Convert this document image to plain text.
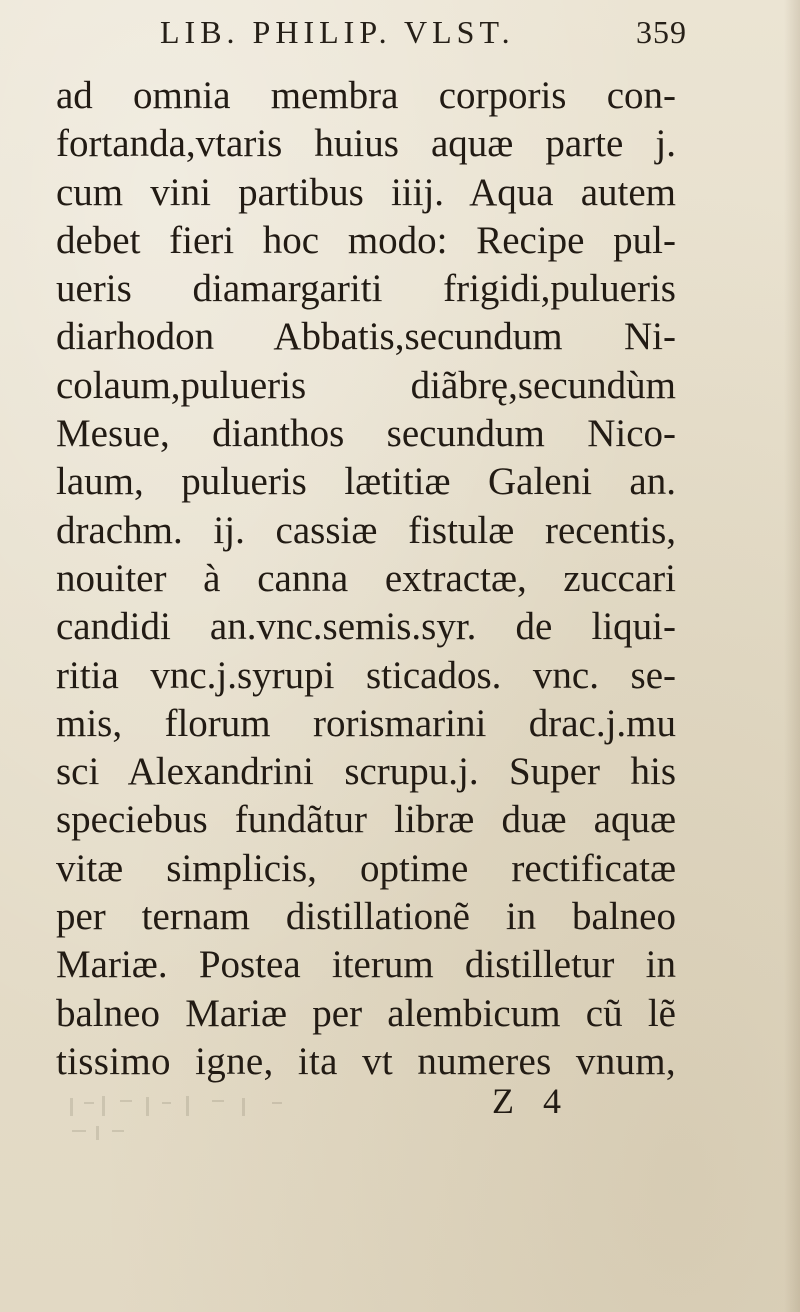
LIB. PHILIP. VLST.	359
ad omnia membra corporis con-
fortanda,vtaris huius aquæ parte j.
cum vini partibus iiij. Aqua autem
debet fieri hoc modo: Recipe pul-
ueris diamargariti frigidi,pulueris
diarhodon Abbatis,secundum Ni-
colaum,pulueris diãbrę,secundùm
Mesue, dianthos secundum Nico-
laum, pulueris lætitiæ Galeni an.
drachm. ij. cassiæ fistulæ recentis,
nouiter à canna extractæ, zuccari
candidi an.vnc.semis.syr. de liqui-
ritia vnc.j.syrupi sticados. vnc. se-
mis, florum rorismarini drac.j.mu
sci Alexandrini scrupu.j. Super his
speciebus fundãtur libræ duæ aquæ
vitæ simplicis, optime rectificatæ
per ternam distillationẽ in balneo
Mariæ. Postea iterum distilletur in
balneo Mariæ per alembicum cũ lẽ
tissimo igne, ita vt numeres vnum,
Z 4
